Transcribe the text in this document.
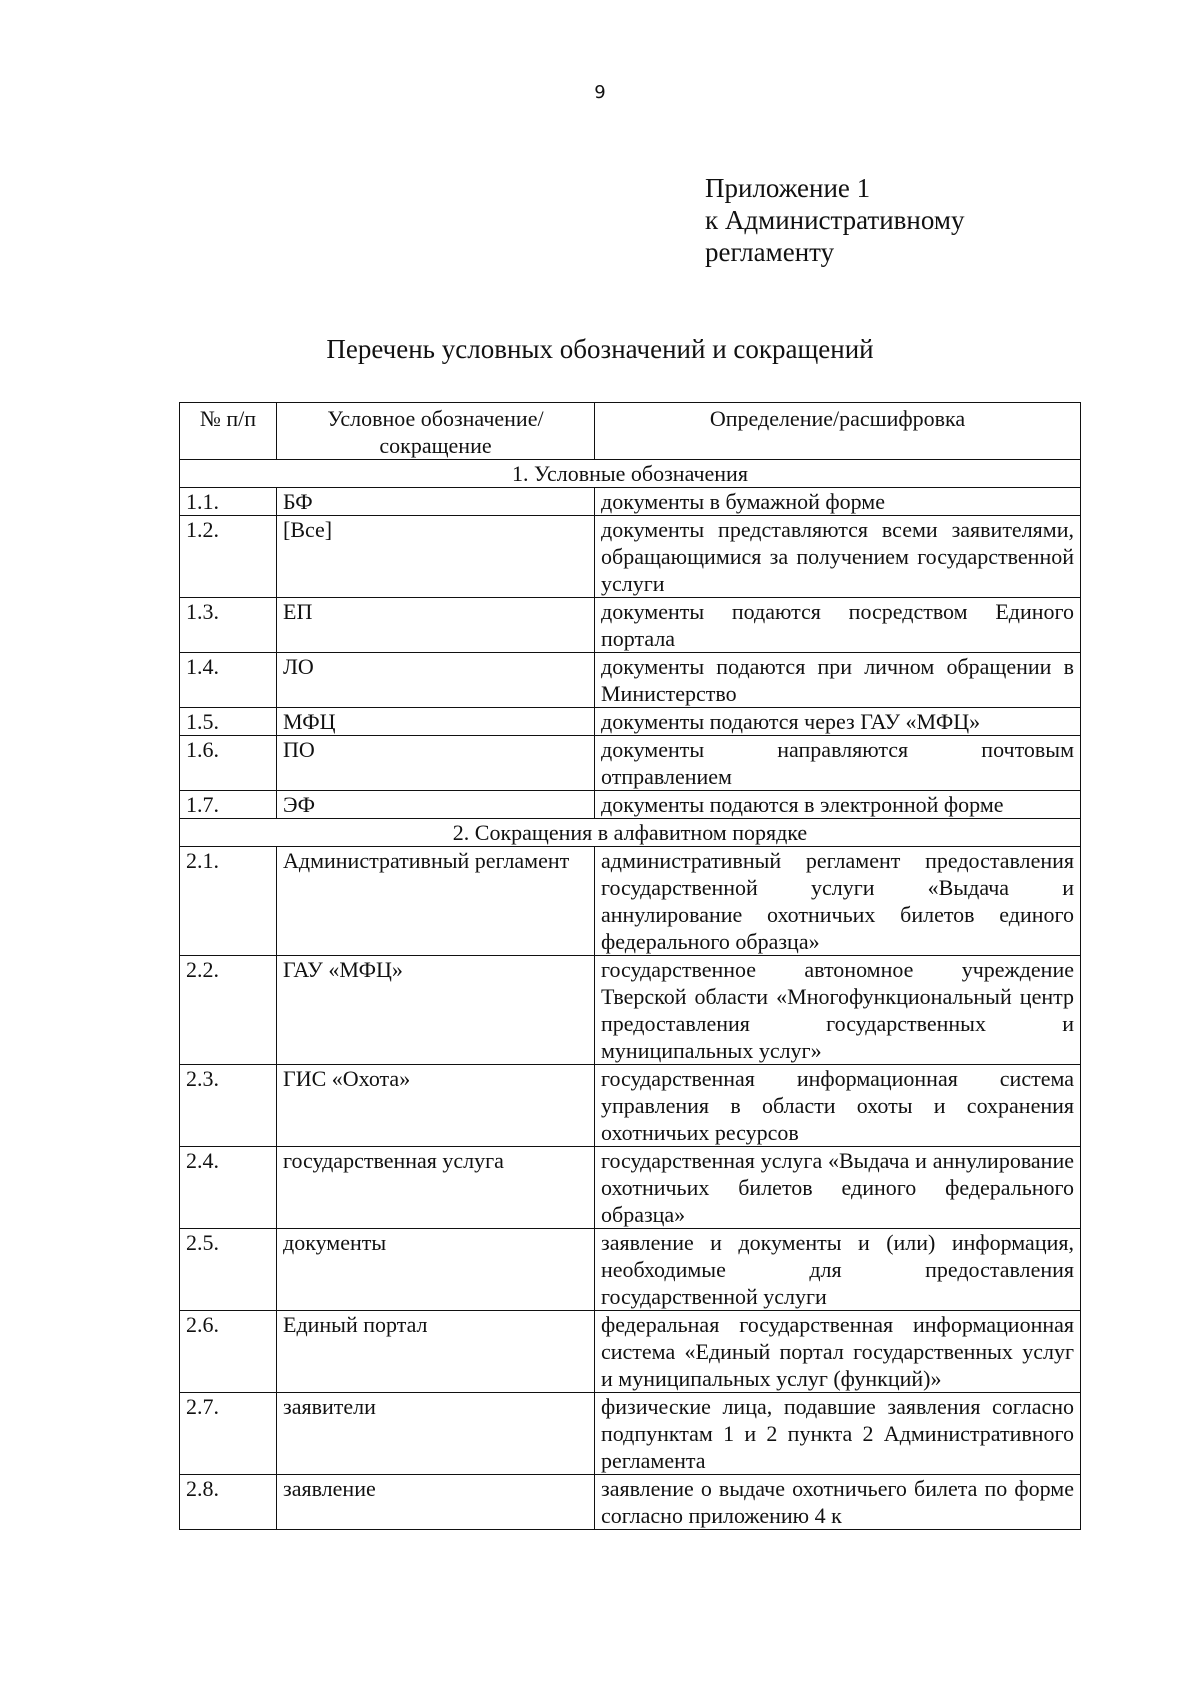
9
Приложение 1
к Административному
регламенту
Перечень условных обозначений и сокращений
№ п/п	Условное обозначение/сокращение	Определение/расшифровка
1. Условные обозначения		
1.1.	БФ	документы в бумажной форме
1.2.	[Все]	документы представляются всеми заявителями, обращающимися за получением государственной услуги
1.3.	ЕП	документы подаются посредством Единого портала
1.4.	ЛО	документы подаются при личном обращении в Министерство
1.5.	МФЦ	документы подаются через ГАУ «МФЦ»
1.6.	ПО	документы направляются почтовым отправлением
1.7.	ЭФ	документы подаются в электронной форме
2. Сокращения в алфавитном порядке		
2.1.	Административный регламент	административный регламент предоставления государственной услуги «Выдача и аннулирование охотничьих билетов единого федерального образца»
2.2.	ГАУ «МФЦ»	государственное автономное учреждение Тверской области «Многофункциональный центр предоставления государственных и муниципальных услуг»
2.3.	ГИС «Охота»	государственная информационная система управления в области охоты и сохранения охотничьих ресурсов
2.4.	государственная услуга	государственная услуга «Выдача и аннулирование охотничьих билетов единого федерального образца»
2.5.	документы	заявление и документы и (или) информация, необходимые для предоставления государственной услуги
2.6.	Единый портал	федеральная государственная информационная система «Единый портал государственных услуг и муниципальных услуг (функций)»
2.7.	заявители	физические лица, подавшие заявления согласно подпунктам 1 и 2 пункта 2 Административного регламента
2.8.	заявление	заявление о выдаче охотничьего билета по форме согласно приложению 4 к
